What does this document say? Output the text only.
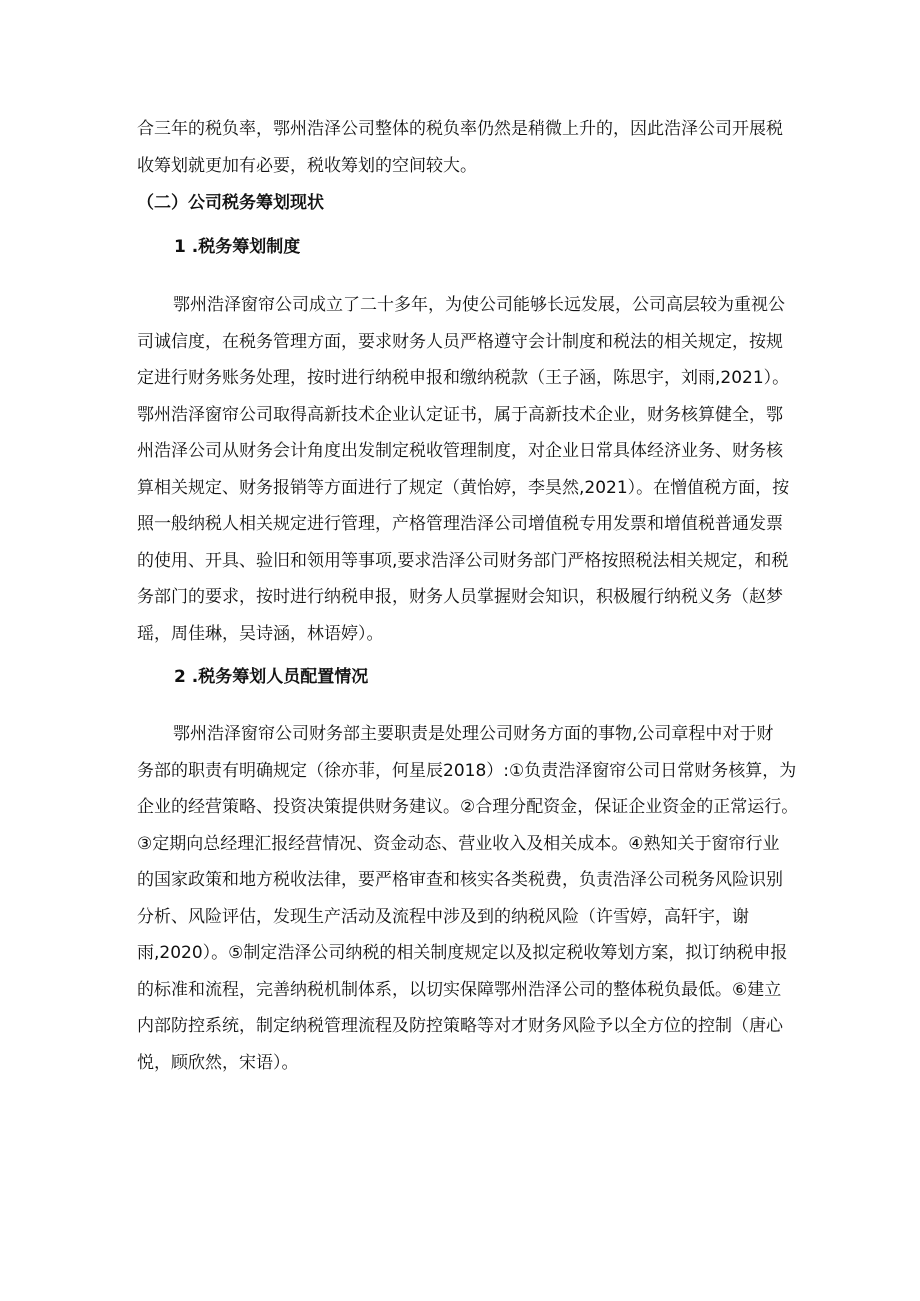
合三年的税负率，鄂州浩泽公司整体的税负率仍然是稍微上升的，因此浩泽公司开展税
收筹划就更加有必要，税收筹划的空间较大。
（二）公司税务筹划现状
1 .税务筹划制度
鄂州浩泽窗帘公司成立了二十多年，为使公司能够长远发展，公司高层较为重视公
司诚信度，在税务管理方面，要求财务人员严格遵守会计制度和税法的相关规定，按规
定进行财务账务处理，按时进行纳税申报和缴纳税款（王子涵，陈思宇，刘雨,2021）。
鄂州浩泽窗帘公司取得高新技术企业认定证书，属于高新技术企业，财务核算健全，鄂
州浩泽公司从财务会计角度出发制定税收管理制度，对企业日常具体经济业务、财务核
算相关规定、财务报销等方面进行了规定（黄怡婷，李昊然,2021）。在憎值税方面，按
照一般纳税人相关规定进行管理，产格管理浩泽公司增值税专用发票和增值税普通发票
的使用、开具、验旧和领用等事项,要求浩泽公司财务部门严格按照税法相关规定，和税
务部门的要求，按时进行纳税申报，财务人员掌握财会知识，积极履行纳税义务（赵梦
瑶，周佳琳，吴诗涵，林语婷）。
2 .税务筹划人员配置情况
鄂州浩泽窗帘公司财务部主要职责是处理公司财务方面的事物,公司章程中对于财
务部的职责有明确规定（徐亦菲，何星辰2018）:①负责浩泽窗帘公司日常财务核算，为
企业的经营策略、投资决策提供财务建议。②合理分配资金，保证企业资金的正常运行。
③定期向总经理汇报经营情况、资金动态、营业收入及相关成本。④熟知关于窗帘行业
的国家政策和地方税收法律，要严格审查和核实各类税费，负责浩泽公司税务风险识别
分析、风险评估，发现生产活动及流程中涉及到的纳税风险（许雪婷，高轩宇，谢
雨,2020）。⑤制定浩泽公司纳税的相关制度规定以及拟定税收筹划方案，拟订纳税申报
的标准和流程，完善纳税机制体系，以切实保障鄂州浩泽公司的整体税负最低。⑥建立
内部防控系统，制定纳税管理流程及防控策略等对才财务风险予以全方位的控制（唐心
悦，顾欣然，宋语）。
